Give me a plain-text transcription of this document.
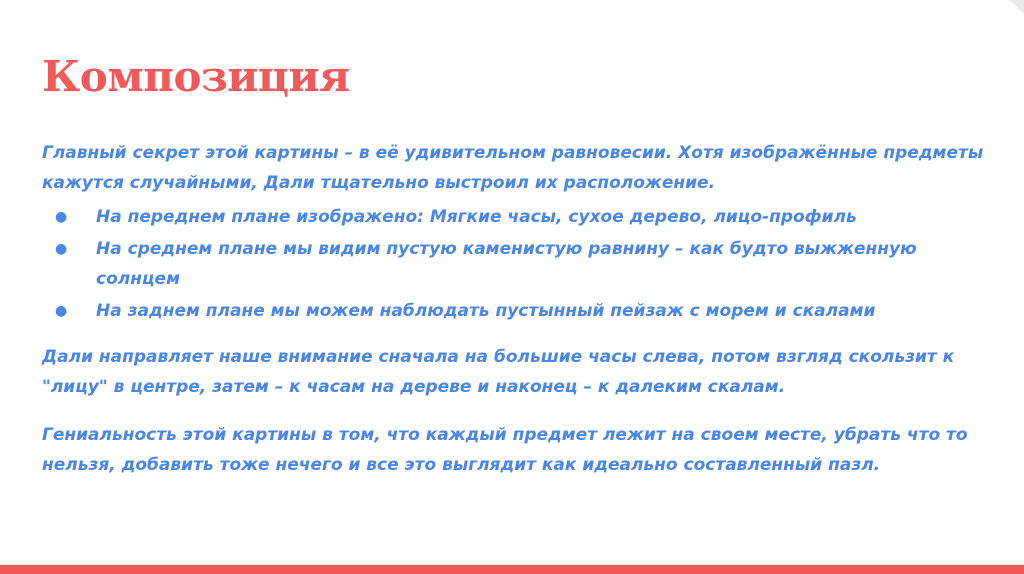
Композиция

Главный секрет этой картины – в её удивительном равновесии. Хотя изображённые предметы кажутся случайными, Дали тщательно выстроил их расположение.

● На переднем плане изображено: Мягкие часы, сухое дерево, лицо-профиль
● На среднем плане мы видим пустую каменистую равнину – как будто выжженную солнцем
● На заднем плане мы можем наблюдать пустынный пейзаж с морем и скалами

Дали направляет наше внимание сначала на большие часы слева, потом взгляд скользит к "лицу" в центре, затем – к часам на дереве и наконец – к далеким скалам.

Гениальность этой картины в том, что каждый предмет лежит на своем месте, убрать что то нельзя, добавить тоже нечего и все это выглядит как идеально составленный пазл.
